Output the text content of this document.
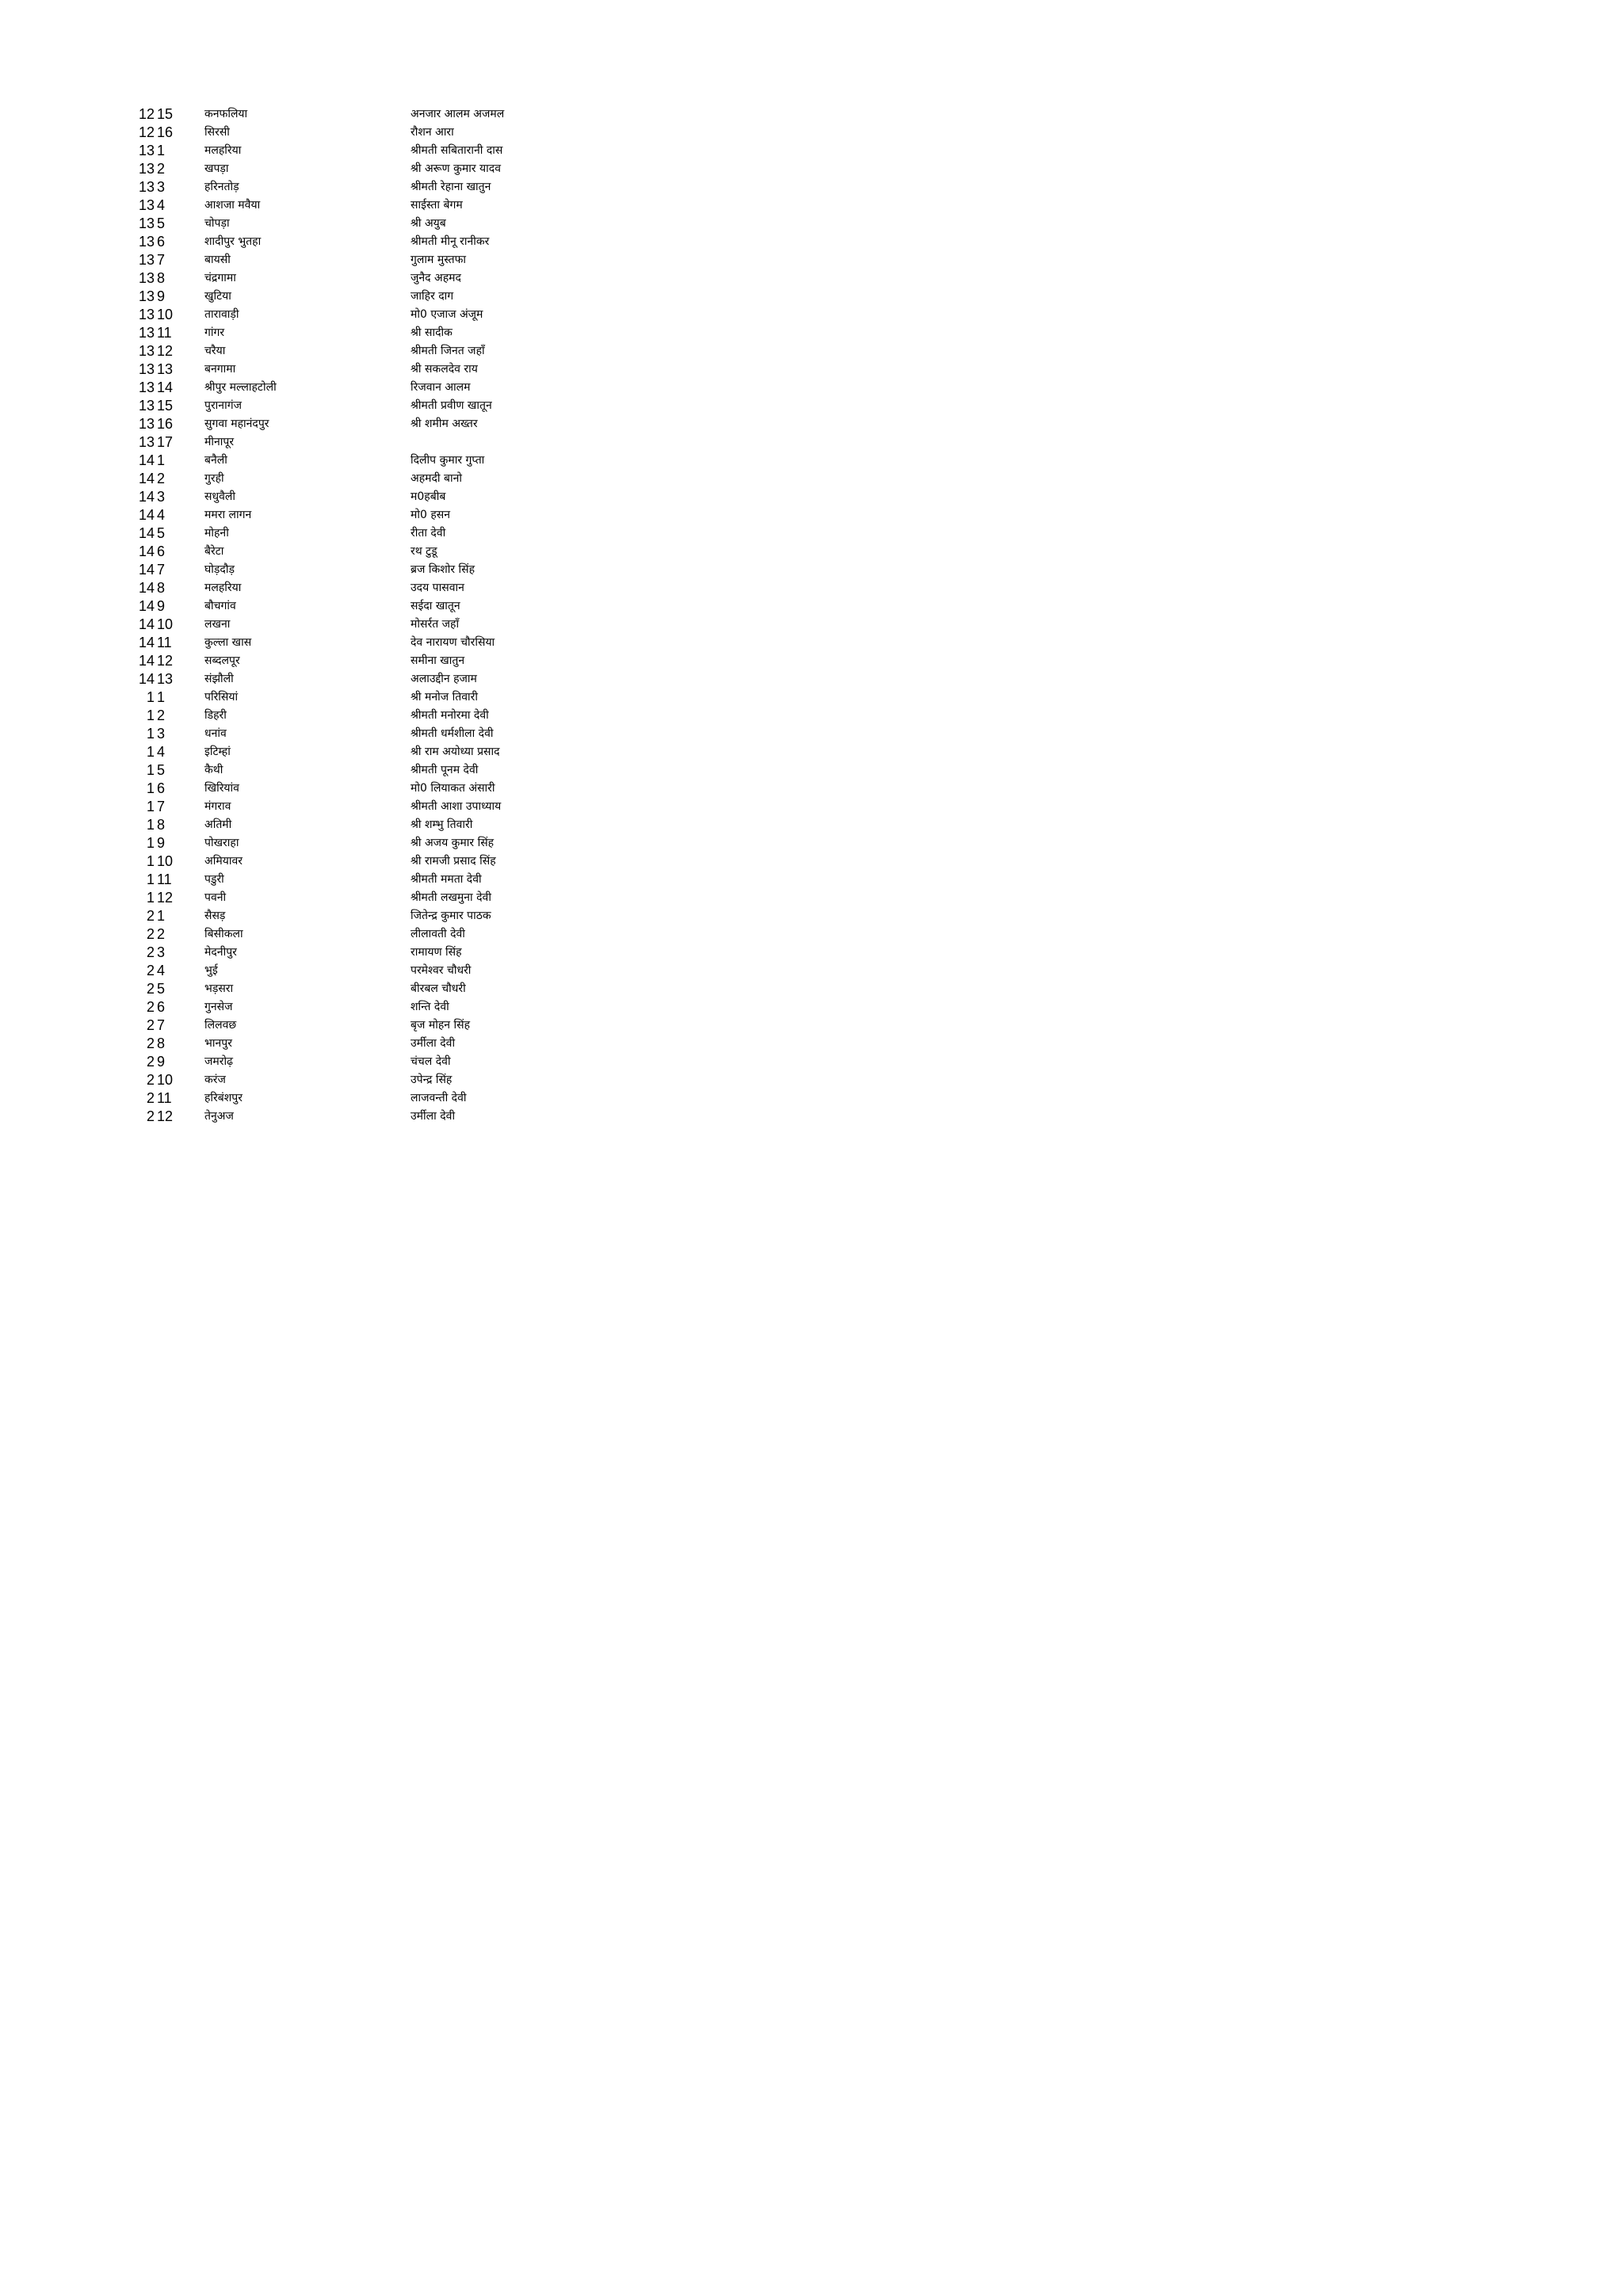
12 15	कनफलिया	अनजार आलम अजमल
12 16	सिरसी	रौशन आरा
13 1	मलहरिया	श्रीमती सबितारानी दास
13 2	खपड़ा	श्री अरूण कुमार यादव
13 3	हरिनतोड़	श्रीमती रेहाना खातुन
13 4	आशजा मवैया	साईस्ता बेगम
13 5	चोपड़ा	श्री अयुब
13 6	शादीपुर भुतहा	श्रीमती मीनू रानीकर
13 7	बायसी	गुलाम मुस्तफा
13 8	चंद्रगामा	जुनैद अहमद
13 9	खुटिया	जाहिर दाग
13 10	तारावाड़ी	मो0 एजाज अंजूम
13 11	गांगर	श्री सादीक
13 12	चरैया	श्रीमती जिनत जहाँ
13 13	बनगामा	श्री सकलदेव राय
13 14	श्रीपुर मल्लाहटोली	रिजवान आलम
13 15	पुरानागंज	श्रीमती प्रवीण खातून
13 16	सुगवा महानंदपुर	श्री शमीम अख्तर
13 17	मीनापूर
14 1	बनैली	दिलीप कुमार गुप्ता
14 2	गुरही	अहमदी बानो
14 3	सधुवैली	म0हबीब
14 4	ममरा लागन	मो0 हसन
14 5	मोहनी	रीता देवी
14 6	बैरेटा	रथ टुडू
14 7	घोड़दौड़	ब्रज किशोर सिंह
14 8	मलहरिया	उदय पासवान
14 9	बौचगांव	सईदा खातून
14 10	लखना	मोसर्रत जहाँ
14 11	कुल्ला खास	देव नारायण चौरसिया
14 12	सब्दलपूर	समीना खातुन
14 13	संझौली	अलाउद्दीन हजाम
1 1	परिसियां	श्री मनोज तिवारी
1 2	डिहरी	श्रीमती मनोरमा देवी
1 3	धनांव	श्रीमती धर्मशीला देवी
1 4	इटिम्हां	श्री राम अयोध्या प्रसाद
1 5	कैथी	श्रीमती पूनम देवी
1 6	खिरियांव	मो0 लियाकत अंसारी
1 7	मंगराव	श्रीमती आशा उपाध्याय
1 8	अतिमी	श्री शम्भु तिवारी
1 9	पोखराहा	श्री अजय कुमार सिंह
1 10	अमियावर	श्री रामजी प्रसाद सिंह
1 11	पडुरी	श्रीमती ममता देवी
1 12	पवनी	श्रीमती लखमुना देवी
2 1	सैसड़	जितेन्द्र कुमार पाठक
2 2	बिसीकला	लीलावती देवी
2 3	मेदनीपुर	रामायण सिंह
2 4	भुई	परमेश्वर चौधरी
2 5	भड़सरा	बीरबल चौधरी
2 6	गुनसेज	शन्ति देवी
2 7	लिलवछ	बृज मोहन सिंह
2 8	भानपुर	उर्मीला देवी
2 9	जमरोढ़	चंचल देवी
2 10	करंज	उपेन्द्र सिंह
2 11	हरिबंशपुर	लाजवन्ती देवी
2 12	तेनुअज	उर्मीला देवी
